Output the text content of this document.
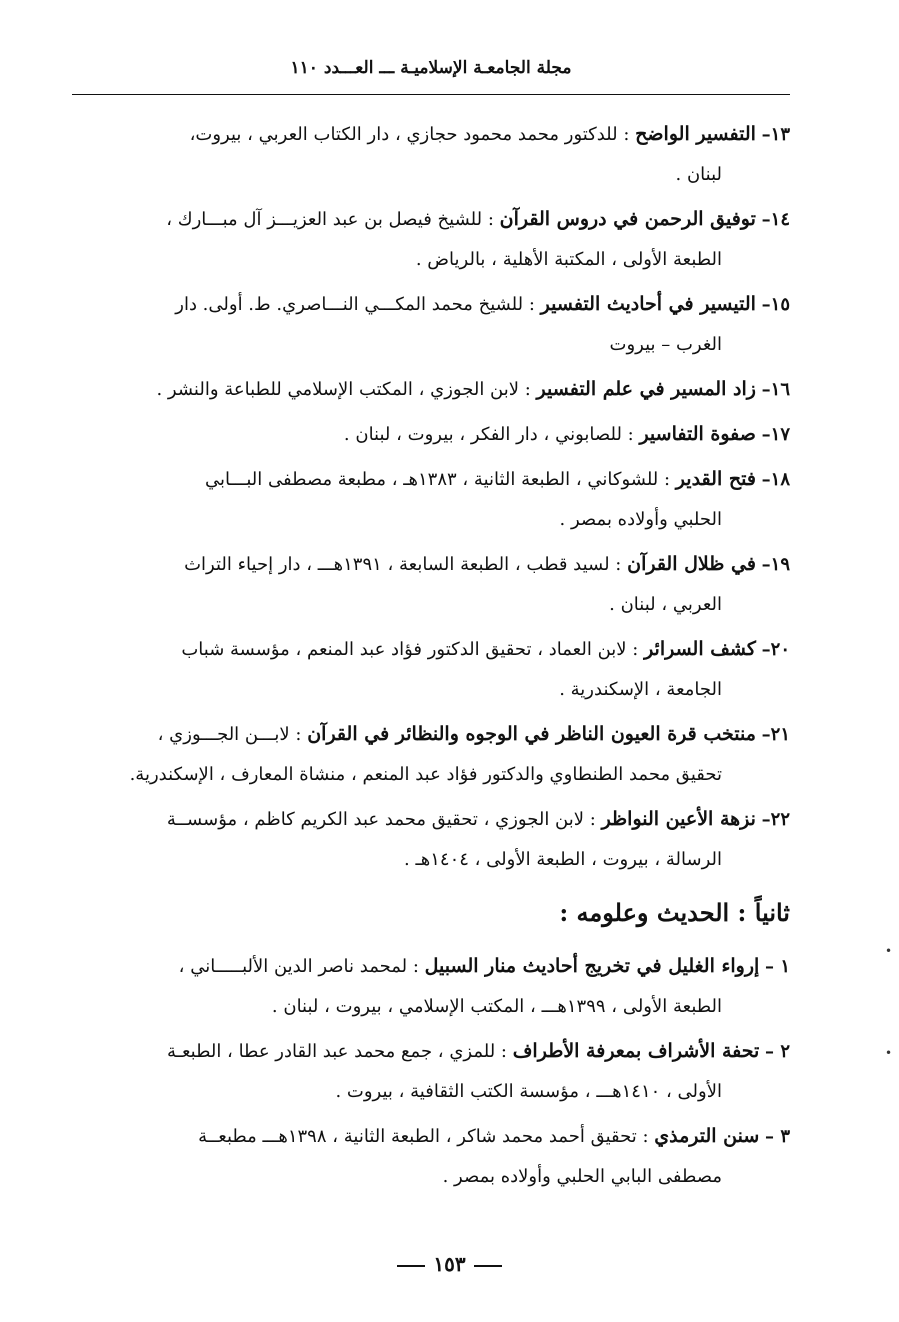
مجلة الجامعـة الإسلاميـة ـــ العـــدد ١١٠
١٣– التفسير الواضح : للدكتور محمد محمود حجازي ، دار الكتاب العربي ، بيروت،
لبنان .
١٤– توفيق الرحمن في دروس القرآن : للشيخ فيصل بن عبد العزيـــز آل مبـــارك ،
الطبعة الأولى ، المكتبة الأهلية ، بالرياض .
١٥– التيسير في أحاديث التفسير : للشيخ محمد المكـــي النـــاصري. ط. أولى. دار
الغرب – بيروت
١٦– زاد المسير في علم التفسير : لابن الجوزي ، المكتب الإسلامي للطباعة والنشر .
١٧– صفوة التفاسير : للصابوني ، دار الفكر ، بيروت ، لبنان .
١٨– فتح القدير : للشوكاني ، الطبعة الثانية ، ١٣٨٣هـ ، مطبعة مصطفى البـــابي
الحلبي وأولاده بمصر .
١٩– في ظلال القرآن : لسيد قطب ، الطبعة السابعة ، ١٣٩١هـــ ، دار إحياء التراث
العربي ، لبنان .
٢٠– كشف السرائر : لابن العماد ، تحقيق الدكتور فؤاد عبد المنعم ، مؤسسة شباب
الجامعة ، الإسكندرية .
٢١– منتخب قرة العيون الناظر في الوجوه والنظائر في القرآن : لابـــن الجـــوزي ،
تحقيق محمد الطنطاوي والدكتور فؤاد عبد المنعم ، منشاة المعارف ، الإسكندرية.
٢٢– نزهة الأعين النواظر : لابن الجوزي ، تحقيق محمد عبد الكريم كاظم ، مؤسســة
الرسالة ، بيروت ، الطبعة الأولى ، ١٤٠٤هـ .
ثانياً : الحديث وعلومه :
١ – إرواء الغليل في تخريج أحاديث منار السبيل : لمحمد ناصر الدين الألبـــــاني ،
الطبعة الأولى ، ١٣٩٩هـــ ، المكتب الإسلامي ، بيروت ، لبنان .
٢ – تحفة الأشراف بمعرفة الأطراف : للمزي ، جمع محمد عبد القادر عطا ، الطبعـة
الأولى ، ١٤١٠هـــ ، مؤسسة الكتب الثقافية ، بيروت .
٣ – سنن الترمذي : تحقيق أحمد محمد شاكر ، الطبعة الثانية ، ١٣٩٨هـــ مطبعــة
مصطفى البابي الحلبي وأولاده بمصر .
•
•
١٥٣
